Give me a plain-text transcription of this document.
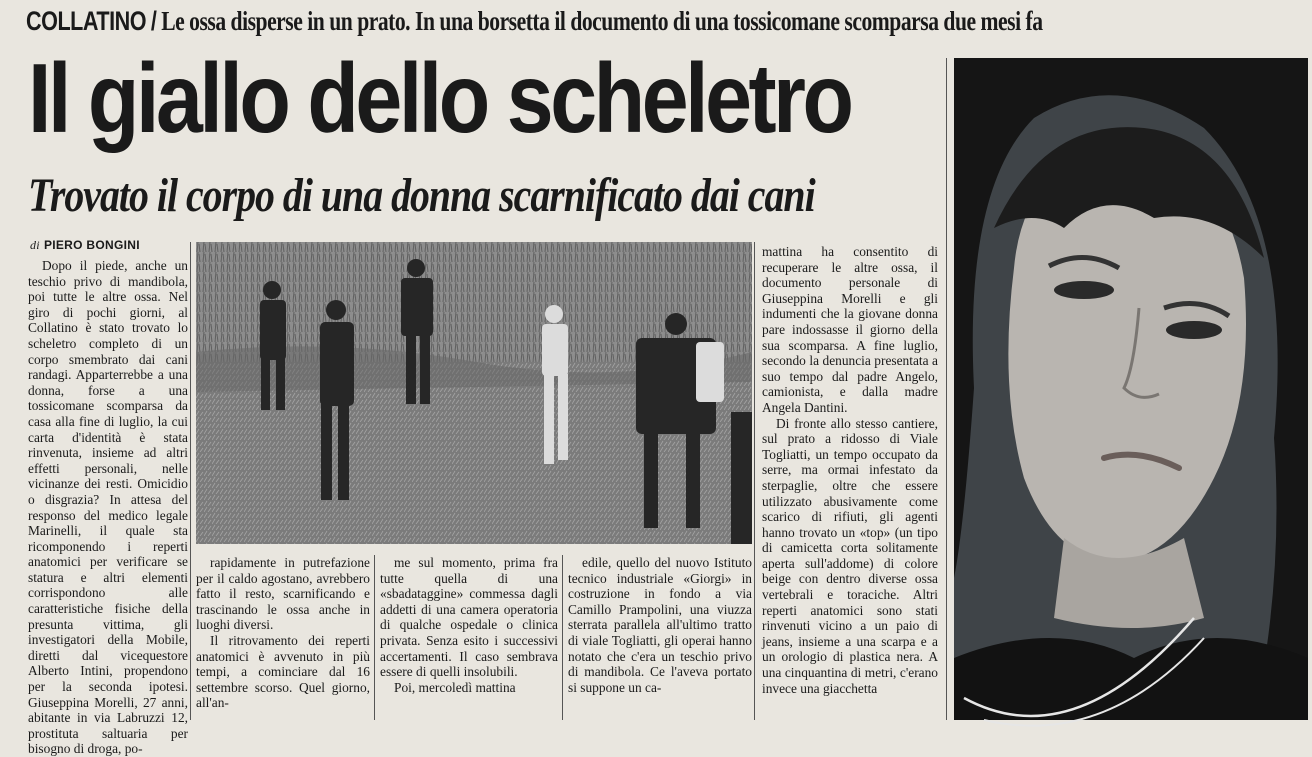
COLLATINO / Le ossa disperse in un prato. In una borsetta il documento di una tossicomane scomparsa due mesi fa
Il giallo dello scheletro
Trovato il corpo di una donna scarnificato dai cani
di PIERO BONGINI

Dopo il piede, anche un teschio privo di mandibola, poi tutte le altre ossa. Nel giro di pochi giorni, al Collatino è stato trovato lo scheletro completo di un corpo smembrato dai cani randagi. Apparterrebbe a una donna, forse a una tossicomane scomparsa da casa alla fine di luglio, la cui carta d'identità è stata rinvenuta, insieme ad altri effetti personali, nelle vicinanze dei resti. Omicidio o disgrazia? In attesa del responso del medico legale Marinelli, il quale sta ricomponendo i reperti anatomici per verificare se statura e altri elementi corrispondono alle caratteristiche fisiche della presunta vittima, gli investigatori della Mobile, diretti dal vicequestore Alberto Intini, propendono per la seconda ipotesi. Giuseppina Morelli, 27 anni, abitante in via Labruzzi 12, prostituta saltuaria per bisogno di droga, po-

rapidamente in putrefazione per il caldo agostano, avrebbero fatto il resto, scarnificando e trascinando le ossa anche in luoghi diversi.

Il ritrovamento dei reperti anatomici è avvenuto in più tempi, a cominciare dal 16 settembre scorso. Quel giorno, all'an-

me sul momento, prima fra tutte quella di una «sbadataggine» commessa dagli addetti di una camera operatoria di qualche ospedale o clinica privata. Senza esito i successivi accertamenti. Il caso sembrava essere di quelli insolubili.

Poi, mercoledì mattina

edile, quello del nuovo Istituto tecnico industriale «Giorgi» in costruzione in fondo a via Camillo Prampolini, una viuzza sterrata parallela all'ultimo tratto di viale Togliatti, gli operai hanno notato che c'era un teschio privo di mandibola. Ce l'aveva portato si suppone un ca-

mattina ha consentito di recuperare le altre ossa, il documento personale di Giuseppina Morelli e gli indumenti che la giovane donna pare indossasse il giorno della sua scomparsa. A fine luglio, secondo la denuncia presentata a suo tempo dal padre Angelo, camionista, e dalla madre Angela Dantini.

Di fronte allo stesso cantiere, sul prato a ridosso di Viale Togliatti, un tempo occupato da serre, ma ormai infestato da sterpaglie, oltre che essere utilizzato abusivamente come scarico di rifiuti, gli agenti hanno trovato un «top» (un tipo di camicetta corta solitamente aperta sull'addome) di colore beige con dentro diverse ossa vertebrali e toraciche. Altri reperti anatomici sono stati rinvenuti vicino a un paio di jeans, insieme a una scarpa e a un orologio di plastica nera. A una cinquantina di metri, c'erano invece una giacchetta
